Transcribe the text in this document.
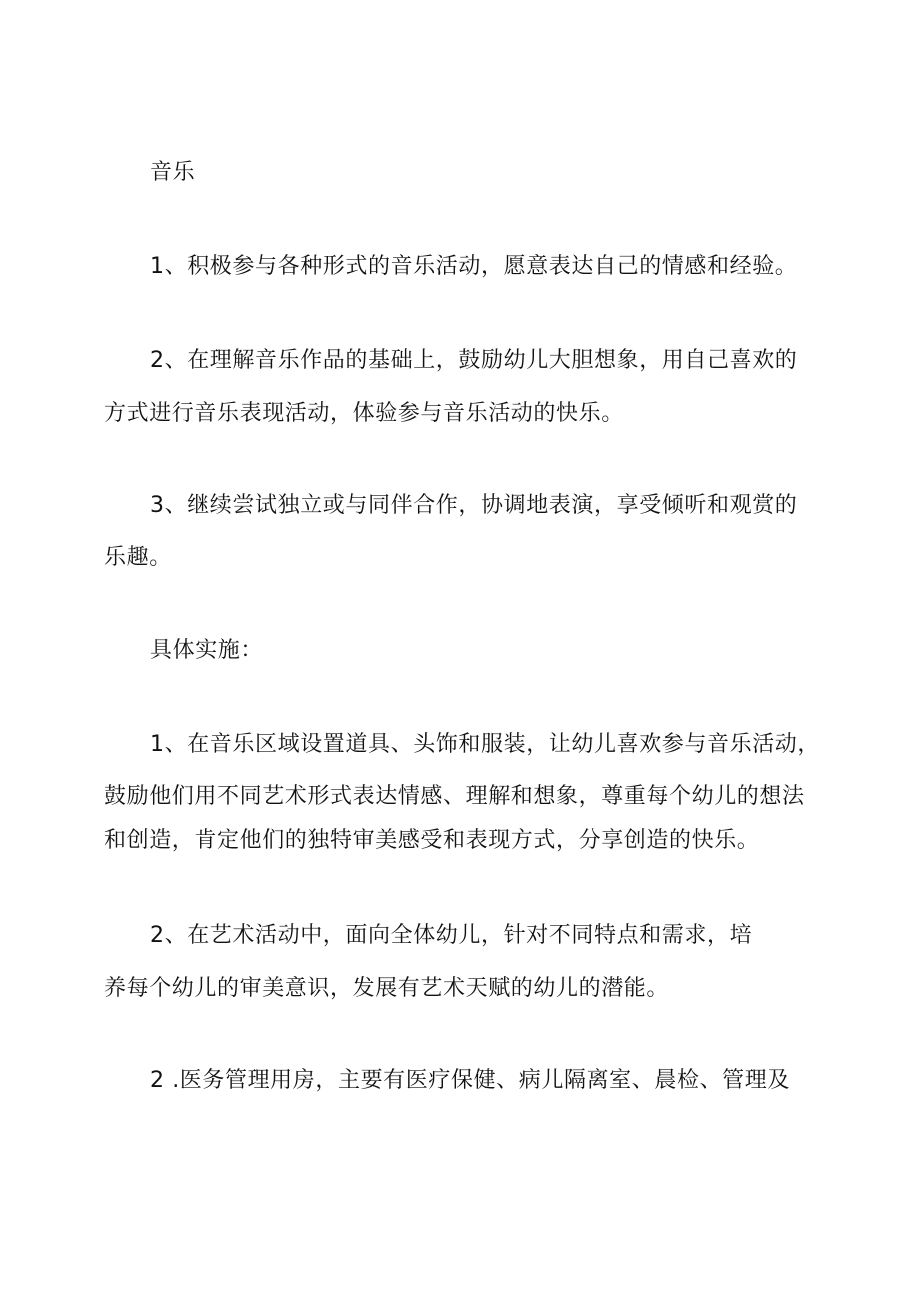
音乐
1、积极参与各种形式的音乐活动，愿意表达自己的情感和经验。
2、在理解音乐作品的基础上，鼓励幼儿大胆想象，用自己喜欢的
方式进行音乐表现活动，体验参与音乐活动的快乐。
3、继续尝试独立或与同伴合作，协调地表演，享受倾听和观赏的
乐趣。
具体实施：
1、在音乐区域设置道具、头饰和服装，让幼儿喜欢参与音乐活动，
鼓励他们用不同艺术形式表达情感、理解和想象，尊重每个幼儿的想法
和创造，肯定他们的独特审美感受和表现方式，分享创造的快乐。
2、在艺术活动中，面向全体幼儿，针对不同特点和需求，培
养每个幼儿的审美意识，发展有艺术天赋的幼儿的潜能。
2 .医务管理用房，主要有医疗保健、病儿隔离室、晨检、管理及
